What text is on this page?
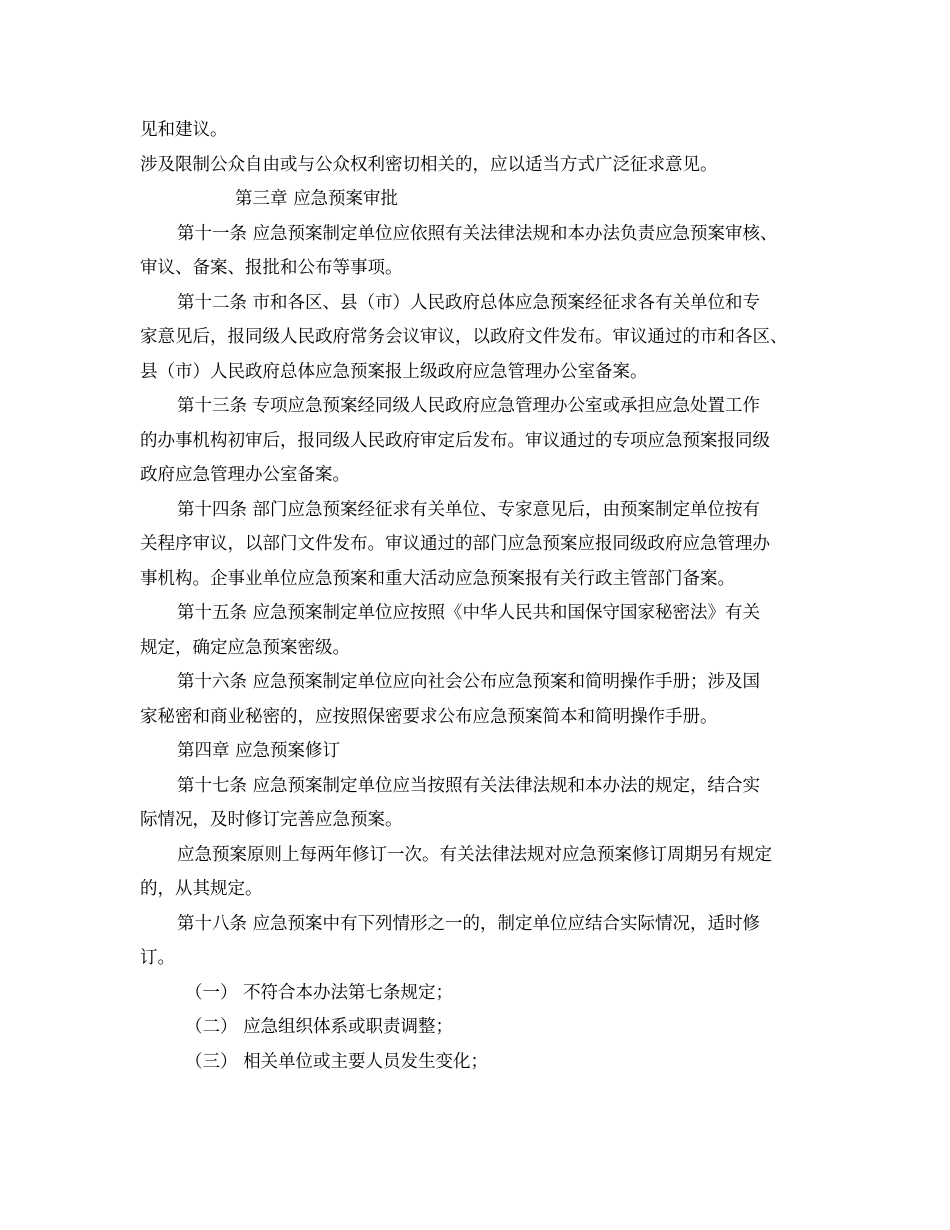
见和建议。
涉及限制公众自由或与公众权利密切相关的，应以适当方式广泛征求意见。
第三章 应急预案审批
第十一条 应急预案制定单位应依照有关法律法规和本办法负责应急预案审核、
审议、备案、报批和公布等事项。
第十二条 市和各区、县（市）人民政府总体应急预案经征求各有关单位和专
家意见后，报同级人民政府常务会议审议，以政府文件发布。审议通过的市和各区、
县（市）人民政府总体应急预案报上级政府应急管理办公室备案。
第十三条 专项应急预案经同级人民政府应急管理办公室或承担应急处置工作
的办事机构初审后，报同级人民政府审定后发布。审议通过的专项应急预案报同级
政府应急管理办公室备案。
第十四条 部门应急预案经征求有关单位、专家意见后，由预案制定单位按有
关程序审议，以部门文件发布。审议通过的部门应急预案应报同级政府应急管理办
事机构。企事业单位应急预案和重大活动应急预案报有关行政主管部门备案。
第十五条 应急预案制定单位应按照《中华人民共和国保守国家秘密法》有关
规定，确定应急预案密级。
第十六条 应急预案制定单位应向社会公布应急预案和简明操作手册；涉及国
家秘密和商业秘密的，应按照保密要求公布应急预案简本和简明操作手册。
第四章 应急预案修订
第十七条 应急预案制定单位应当按照有关法律法规和本办法的规定，结合实
际情况，及时修订完善应急预案。
应急预案原则上每两年修订一次。有关法律法规对应急预案修订周期另有规定
的，从其规定。
第十八条 应急预案中有下列情形之一的，制定单位应结合实际情况，适时修
订。
（一） 不符合本办法第七条规定；
（二） 应急组织体系或职责调整；
（三） 相关单位或主要人员发生变化；
